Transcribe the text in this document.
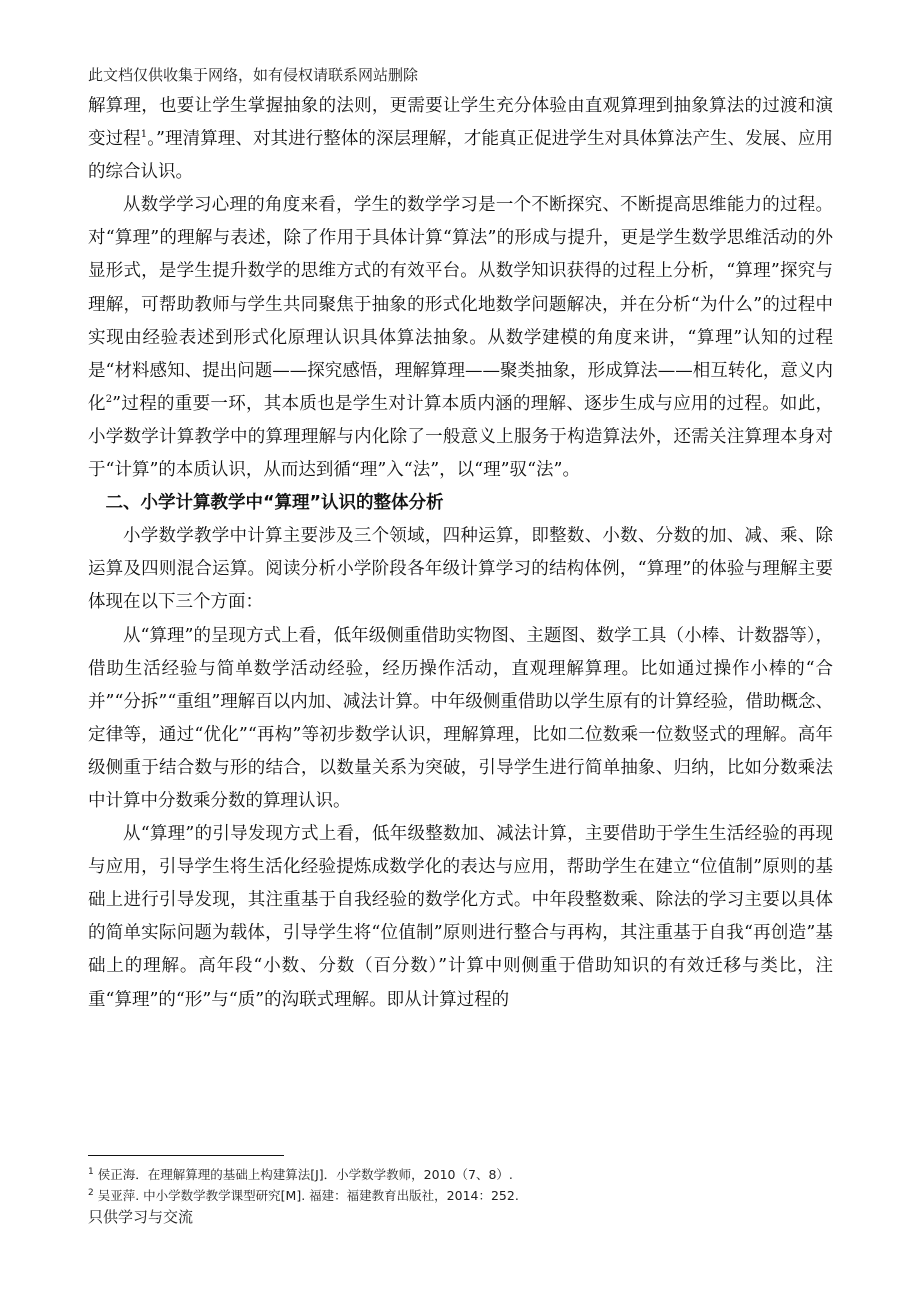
此文档仅供收集于网络，如有侵权请联系网站删除

解算理，也要让学生掌握抽象的法则，更需要让学生充分体验由直观算理到抽象算法的过渡和演变过程$^1$。”理清算理、对其进行整体的深层理解，才能真正促进学生对具体算法产生、发展、应用的综合认识。

从数学学习心理的角度来看，学生的数学学习是一个不断探究、不断提高思维能力的过程。对“算理”的理解与表述，除了作用于具体计算“算法”的形成与提升，更是学生数学思维活动的外显形式，是学生提升数学的思维方式的有效平台。从数学知识获得的过程上分析，“算理”探究与理解，可帮助教师与学生共同聚焦于抽象的形式化地数学问题解决，并在分析“为什么”的过程中实现由经验表述到形式化原理认识具体算法抽象。从数学建模的角度来讲，“算理”认知的过程是“材料感知、提出问题——探究感悟，理解算理——聚类抽象，形成算法——相互转化，意义内化$^2$”过程的重要一环，其本质也是学生对计算本质内涵的理解、逐步生成与应用的过程。如此，小学数学计算教学中的算理理解与内化除了一般意义上服务于构造算法外，还需关注算理本身对于“计算”的本质认识，从而达到循“理”入“法”，以“理”驭“法”。

二、小学计算教学中“算理”认识的整体分析

小学数学教学中计算主要涉及三个领域，四种运算，即整数、小数、分数的加、减、乘、除运算及四则混合运算。阅读分析小学阶段各年级计算学习的结构体例，“算理”的体验与理解主要体现在以下三个方面：

从“算理”的呈现方式上看，低年级侧重借助实物图、主题图、数学工具（小棒、计数器等），借助生活经验与简单数学活动经验，经历操作活动，直观理解算理。比如通过操作小棒的“合并”“分拆”“重组”理解百以内加、减法计算。中年级侧重借助以学生原有的计算经验，借助概念、定律等，通过“优化”“再构”等初步数学认识，理解算理，比如二位数乘一位数竖式的理解。高年级侧重于结合数与形的结合，以数量关系为突破，引导学生进行简单抽象、归纳，比如分数乘法中计算中分数乘分数的算理认识。

从“算理”的引导发现方式上看，低年级整数加、减法计算，主要借助于学生生活经验的再现与应用，引导学生将生活化经验提炼成数学化的表达与应用，帮助学生在建立“位值制”原则的基础上进行引导发现，其注重基于自我经验的数学化方式。中年段整数乘、除法的学习主要以具体的简单实际问题为载体，引导学生将“位值制”原则进行整合与再构，其注重基于自我“再创造”基础上的理解。高年段“小数、分数（百分数）”计算中则侧重于借助知识的有效迁移与类比，注重“算理”的“形”与“质”的沟联式理解。即从计算过程的

$^1$ 侯正海．在理解算理的基础上构建算法[J]．小学数学教师，2010（7、8）.
$^2$ 吴亚萍. 中小学数学教学课型研究[M]. 福建：福建教育出版社，2014：252.
只供学习与交流
